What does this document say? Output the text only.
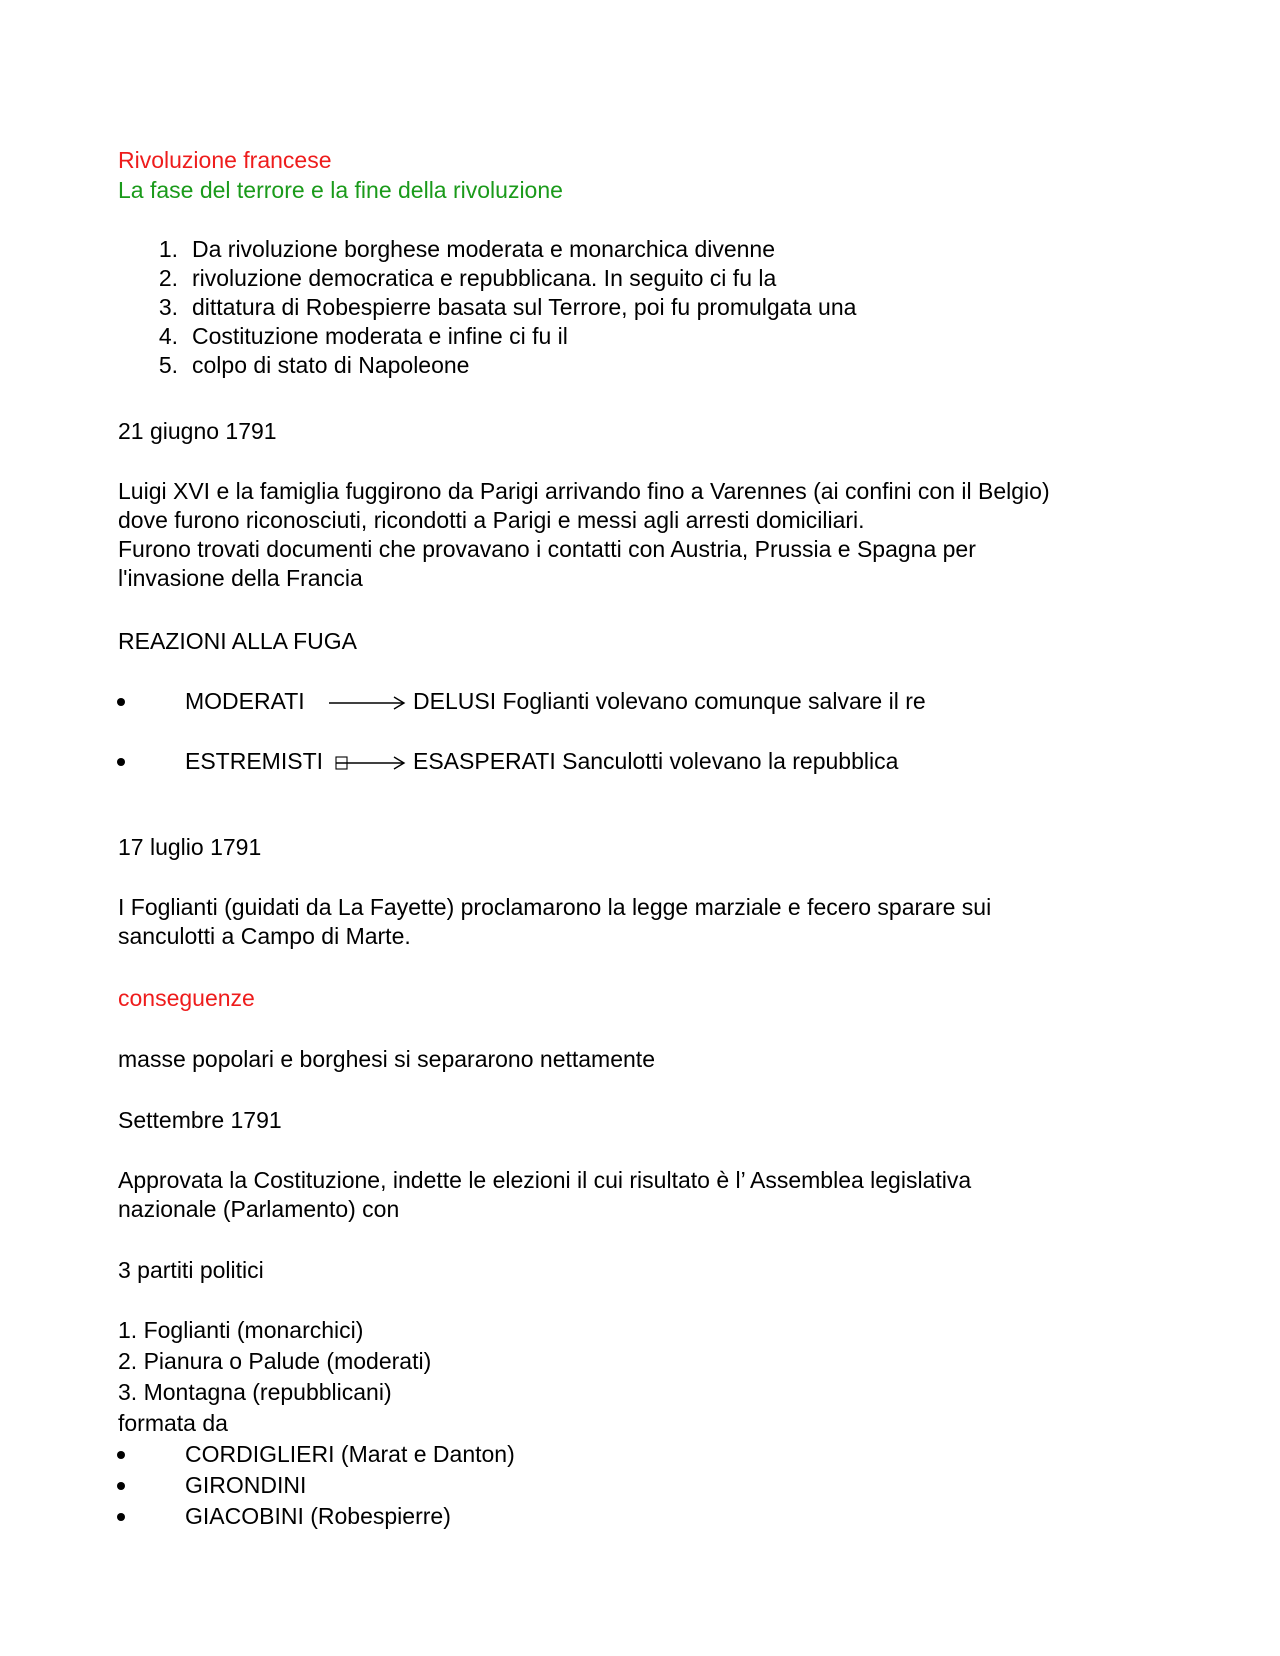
Rivoluzione francese
La fase del terrore e la fine della rivoluzione
1. Da rivoluzione borghese moderata e monarchica divenne
2. rivoluzione democratica e repubblicana. In seguito ci fu la
3. dittatura di Robespierre basata sul Terrore, poi fu promulgata una
4. Costituzione moderata e infine ci fu il
5. colpo di stato di Napoleone
21 giugno 1791
Luigi XVI e la famiglia fuggirono da Parigi arrivando fino a Varennes (ai confini con il Belgio)
dove furono riconosciuti, ricondotti a Parigi e messi agli arresti domiciliari.
Furono trovati documenti che provavano i contatti con Austria, Prussia e Spagna per
l'invasione della Francia
REAZIONI ALLA FUGA
MODERATI	DELUSI Foglianti volevano comunque salvare il re
ESTREMISTI	ESASPERATI Sanculotti volevano la repubblica
17 luglio 1791
I Foglianti (guidati da La Fayette) proclamarono la legge marziale e fecero sparare sui
sanculotti a Campo di Marte.
conseguenze
masse popolari e borghesi si separarono nettamente
Settembre 1791
Approvata la Costituzione, indette le elezioni il cui risultato è l’ Assemblea legislativa
nazionale (Parlamento) con
3 partiti politici
1. Foglianti (monarchici)
2. Pianura o Palude (moderati)
3. Montagna (repubblicani)
formata da
CORDIGLIERI (Marat e Danton)
GIRONDINI
GIACOBINI (Robespierre)
